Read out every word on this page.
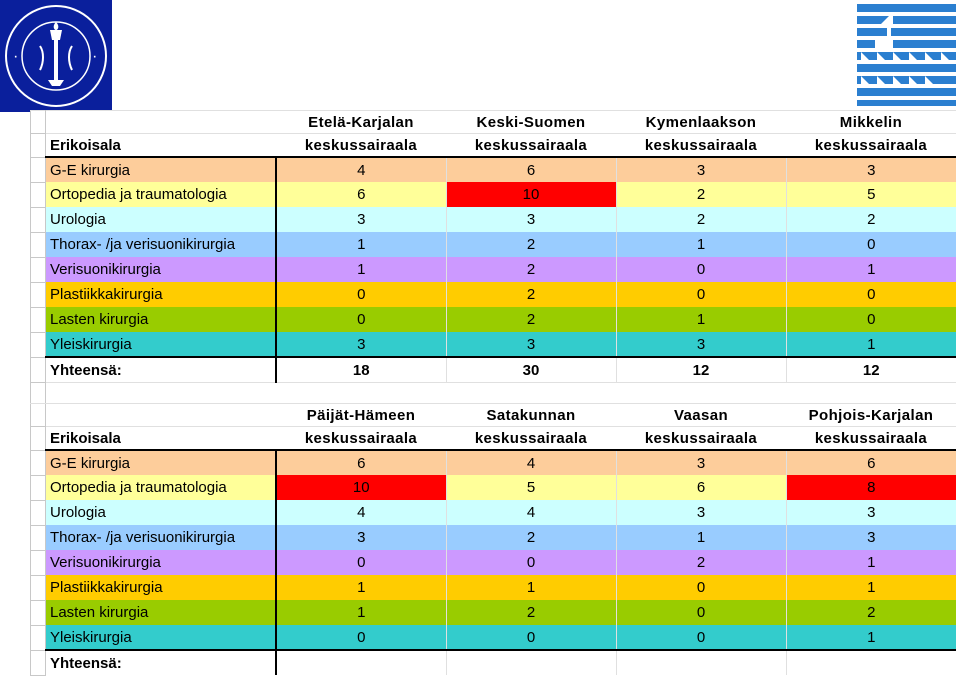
·	·
		Etelä-Karjalan	Keski-Suomen	Kymenlaakson	Mikkelin
	Erikoisala	keskussairaala	keskussairaala	keskussairaala	keskussairaala
	G-E kirurgia	4	6	3	3
	Ortopedia ja traumatologia	6	10	2	5
	Urologia	3	3	2	2
	Thorax- /ja verisuonikirurgia	1	2	1	0
	Verisuonikirurgia	1	2	0	1
	Plastiikkakirurgia	0	2	0	0
	Lasten kirurgia	0	2	1	0
	Yleiskirurgia	3	3	3	1
	Yhteensä:	18	30	12	12

		Päijät-Hämeen	Satakunnan	Vaasan	Pohjois-Karjalan
	Erikoisala	keskussairaala	keskussairaala	keskussairaala	keskussairaala
	G-E kirurgia	6	4	3	6
	Ortopedia ja traumatologia	10	5	6	8
	Urologia	4	4	3	3
	Thorax- /ja verisuonikirurgia	3	2	1	3
	Verisuonikirurgia	0	0	2	1
	Plastiikkakirurgia	1	1	0	1
	Lasten kirurgia	1	2	0	2
	Yleiskirurgia	0	0	0	1
	Yhteensä:				
